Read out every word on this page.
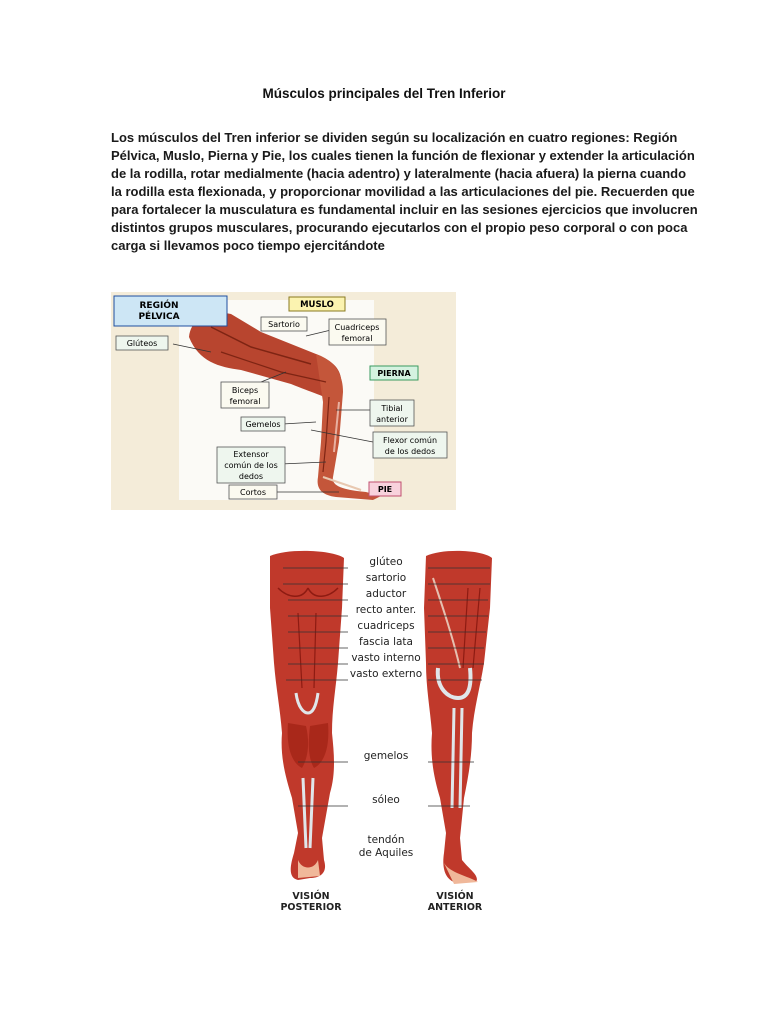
Músculos principales del Tren Inferior
Los músculos del Tren inferior se dividen según su localización en cuatro regiones: Región
Pélvica, Muslo, Pierna y Pie, los cuales tienen la función de flexionar y extender la articulación
de la rodilla, rotar medialmente (hacia adentro) y lateralmente (hacia afuera) la pierna cuando
la rodilla esta flexionada, y proporcionar movilidad a las articulaciones del pie. Recuerden que
para fortalecer la musculatura es fundamental incluir en las sesiones ejercicios que involucren
distintos grupos musculares, procurando ejecutarlos con el propio peso corporal o con poca
carga si llevamos poco tiempo ejercitándote
REGIÓN
PÉLVICA
MUSLO
PIERNA
PIE
Glúteos
Sartorio	Cuadriceps
femoral
Biceps
femoral
Gemelos
Tibial
anterior
Flexor común
de los dedos
Extensor
común de los
dedos
Cortos
glúteo
sartorio
aductor
recto anter.
cuadriceps
fascia lata
vasto interno
vasto externo
gemelos
sóleo
tendón
de Aquiles
VISIÓN
POSTERIOR
VISIÓN
ANTERIOR
